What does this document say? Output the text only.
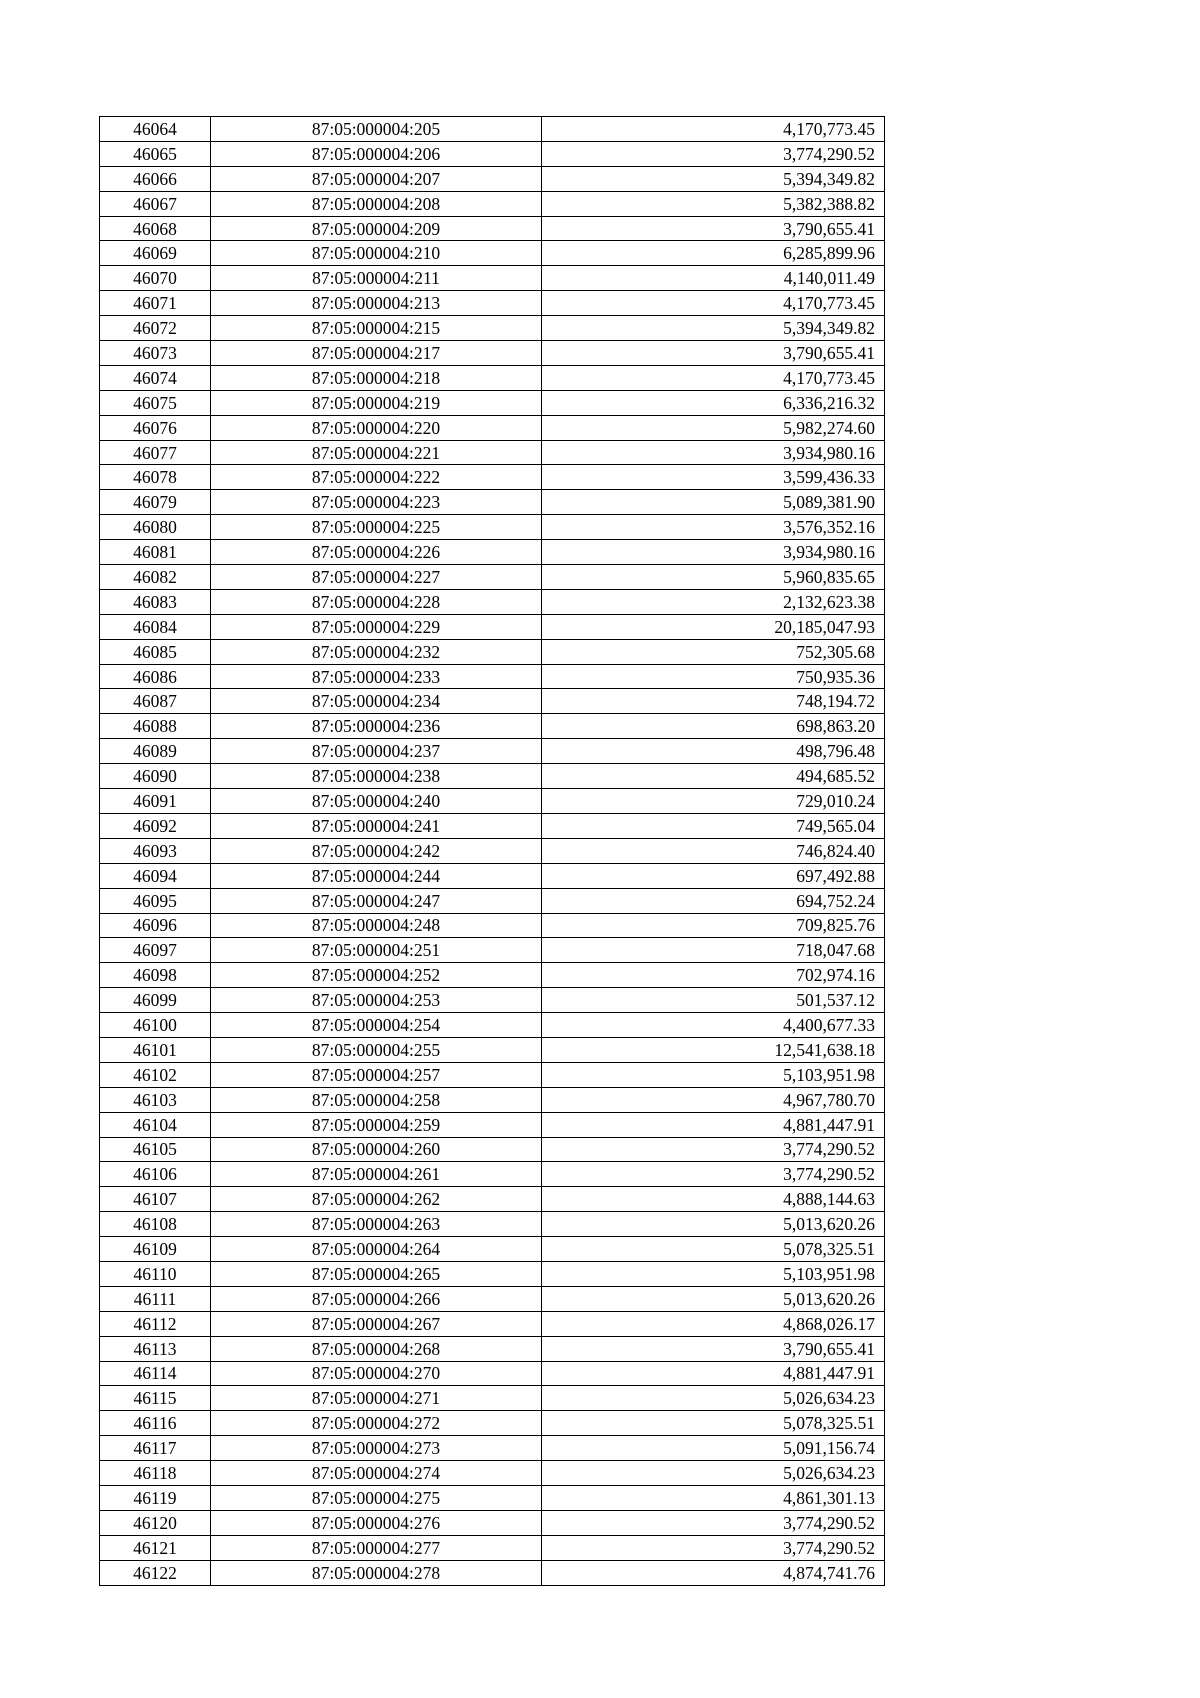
46064	87:05:000004:205	4,170,773.45
46065	87:05:000004:206	3,774,290.52
46066	87:05:000004:207	5,394,349.82
46067	87:05:000004:208	5,382,388.82
46068	87:05:000004:209	3,790,655.41
46069	87:05:000004:210	6,285,899.96
46070	87:05:000004:211	4,140,011.49
46071	87:05:000004:213	4,170,773.45
46072	87:05:000004:215	5,394,349.82
46073	87:05:000004:217	3,790,655.41
46074	87:05:000004:218	4,170,773.45
46075	87:05:000004:219	6,336,216.32
46076	87:05:000004:220	5,982,274.60
46077	87:05:000004:221	3,934,980.16
46078	87:05:000004:222	3,599,436.33
46079	87:05:000004:223	5,089,381.90
46080	87:05:000004:225	3,576,352.16
46081	87:05:000004:226	3,934,980.16
46082	87:05:000004:227	5,960,835.65
46083	87:05:000004:228	2,132,623.38
46084	87:05:000004:229	20,185,047.93
46085	87:05:000004:232	752,305.68
46086	87:05:000004:233	750,935.36
46087	87:05:000004:234	748,194.72
46088	87:05:000004:236	698,863.20
46089	87:05:000004:237	498,796.48
46090	87:05:000004:238	494,685.52
46091	87:05:000004:240	729,010.24
46092	87:05:000004:241	749,565.04
46093	87:05:000004:242	746,824.40
46094	87:05:000004:244	697,492.88
46095	87:05:000004:247	694,752.24
46096	87:05:000004:248	709,825.76
46097	87:05:000004:251	718,047.68
46098	87:05:000004:252	702,974.16
46099	87:05:000004:253	501,537.12
46100	87:05:000004:254	4,400,677.33
46101	87:05:000004:255	12,541,638.18
46102	87:05:000004:257	5,103,951.98
46103	87:05:000004:258	4,967,780.70
46104	87:05:000004:259	4,881,447.91
46105	87:05:000004:260	3,774,290.52
46106	87:05:000004:261	3,774,290.52
46107	87:05:000004:262	4,888,144.63
46108	87:05:000004:263	5,013,620.26
46109	87:05:000004:264	5,078,325.51
46110	87:05:000004:265	5,103,951.98
46111	87:05:000004:266	5,013,620.26
46112	87:05:000004:267	4,868,026.17
46113	87:05:000004:268	3,790,655.41
46114	87:05:000004:270	4,881,447.91
46115	87:05:000004:271	5,026,634.23
46116	87:05:000004:272	5,078,325.51
46117	87:05:000004:273	5,091,156.74
46118	87:05:000004:274	5,026,634.23
46119	87:05:000004:275	4,861,301.13
46120	87:05:000004:276	3,774,290.52
46121	87:05:000004:277	3,774,290.52
46122	87:05:000004:278	4,874,741.76
